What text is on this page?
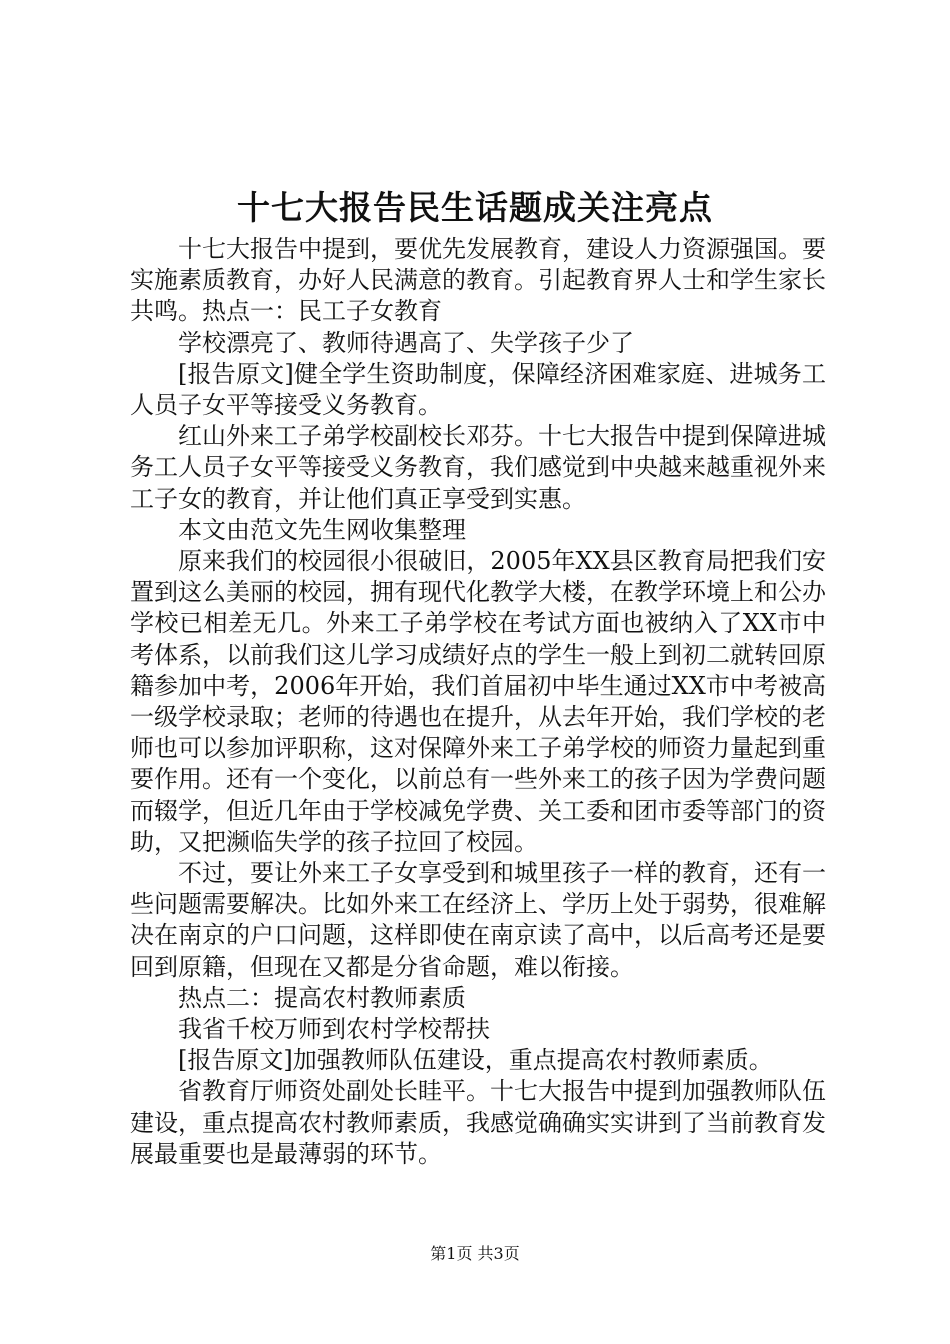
十七大报告民生话题成关注亮点

十七大报告中提到，要优先发展教育，建设人力资源强国。要实施素质教育，办好人民满意的教育。引起教育界人士和学生家长共鸣。热点一：民工子女教育

学校漂亮了、教师待遇高了、失学孩子少了

[报告原文]健全学生资助制度，保障经济困难家庭、进城务工人员子女平等接受义务教育。

红山外来工子弟学校副校长邓芬。十七大报告中提到保障进城务工人员子女平等接受义务教育，我们感觉到中央越来越重视外来工子女的教育，并让他们真正享受到实惠。

本文由范文先生网收集整理

原来我们的校园很小很破旧，2005年XX县区教育局把我们安置到这么美丽的校园，拥有现代化教学大楼，在教学环境上和公办学校已相差无几。外来工子弟学校在考试方面也被纳入了XX市中考体系，以前我们这儿学习成绩好点的学生一般上到初二就转回原籍参加中考，2006年开始，我们首届初中毕生通过XX市中考被高一级学校录取；老师的待遇也在提升，从去年开始，我们学校的老师也可以参加评职称，这对保障外来工子弟学校的师资力量起到重要作用。还有一个变化，以前总有一些外来工的孩子因为学费问题而辍学，但近几年由于学校减免学费、关工委和团市委等部门的资助，又把濒临失学的孩子拉回了校园。

不过，要让外来工子女享受到和城里孩子一样的教育，还有一些问题需要解决。比如外来工在经济上、学历上处于弱势，很难解决在南京的户口问题，这样即使在南京读了高中，以后高考还是要回到原籍，但现在又都是分省命题，难以衔接。

热点二：提高农村教师素质

我省千校万师到农村学校帮扶

[报告原文]加强教师队伍建设，重点提高农村教师素质。

省教育厅师资处副处长眭平。十七大报告中提到加强教师队伍建设，重点提高农村教师素质，我感觉确确实实讲到了当前教育发展最重要也是最薄弱的环节。

第1页 共3页
